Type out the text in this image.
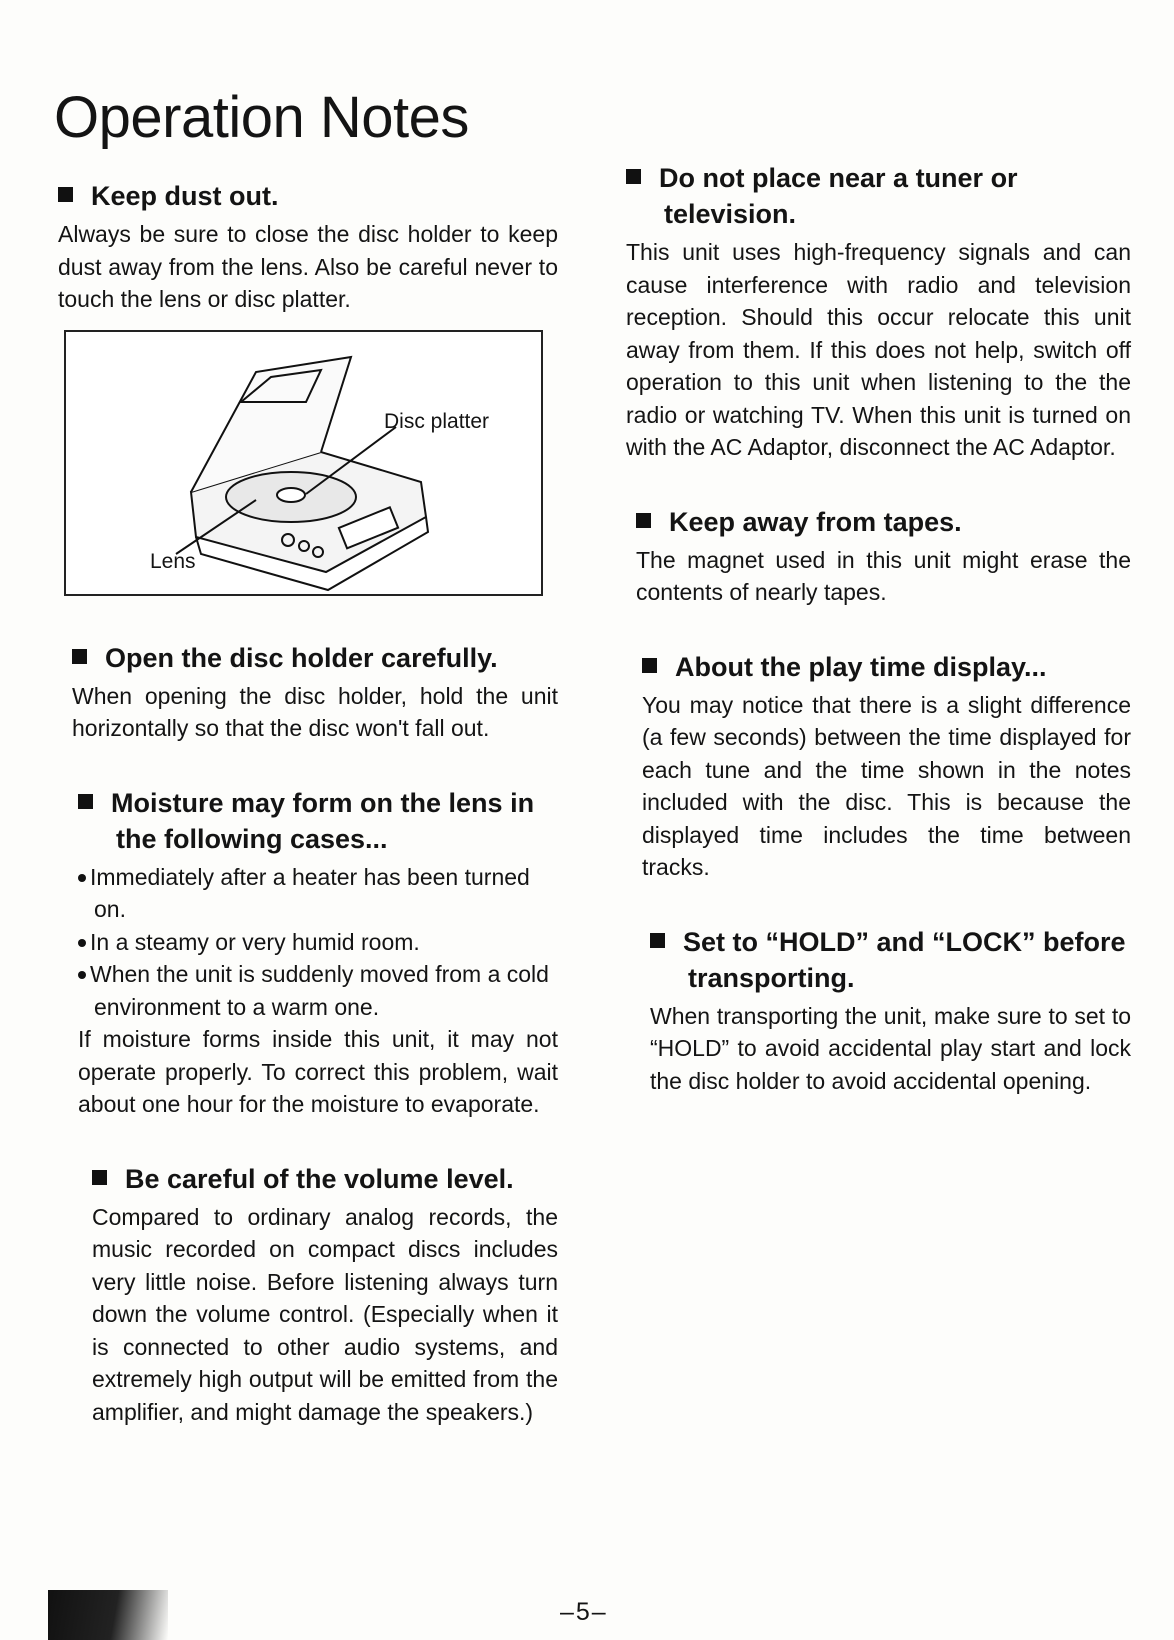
Operation Notes
Keep dust out.

Always be sure to close the disc holder to keep dust away from the lens. Also be careful never to touch the lens or disc platter.

Disc platter
Lens
Open the disc holder carefully.

When opening the disc holder, hold the unit horizontally so that the disc won't fall out.

Moisture may form on the lens in the following cases...
Immediately after a heater has been turned on.
In a steamy or very humid room.
When the unit is suddenly moved from a cold environment to a warm one.

If moisture forms inside this unit, it may not operate properly. To correct this problem, wait about one hour for the moisture to evaporate.

Be careful of the volume level.

Compared to ordinary analog records, the music recorded on compact discs includes very little noise. Before listening always turn down the volume control. (Especially when it is connected to other audio systems, and extremely high output will be emitted from the amplifier, and might damage the speakers.)

Do not place near a tuner or television.

This unit uses high-frequency signals and can cause interference with radio and television reception. Should this occur relocate this unit away from them. If this does not help, switch off operation to this unit when listening to the the radio or watching TV. When this unit is turned on with the AC Adaptor, disconnect the AC Adaptor.

Keep away from tapes.

The magnet used in this unit might erase the contents of nearly tapes.

About the play time display...

You may notice that there is a slight difference (a few seconds) between the time displayed for each tune and the time shown in the notes included with the disc. This is because the displayed time includes the time between tracks.

Set to “HOLD” and “LOCK” before transporting.

When transporting the unit, make sure to set to “HOLD” to avoid accidental play start and lock the disc holder to avoid accidental opening.

–5–
